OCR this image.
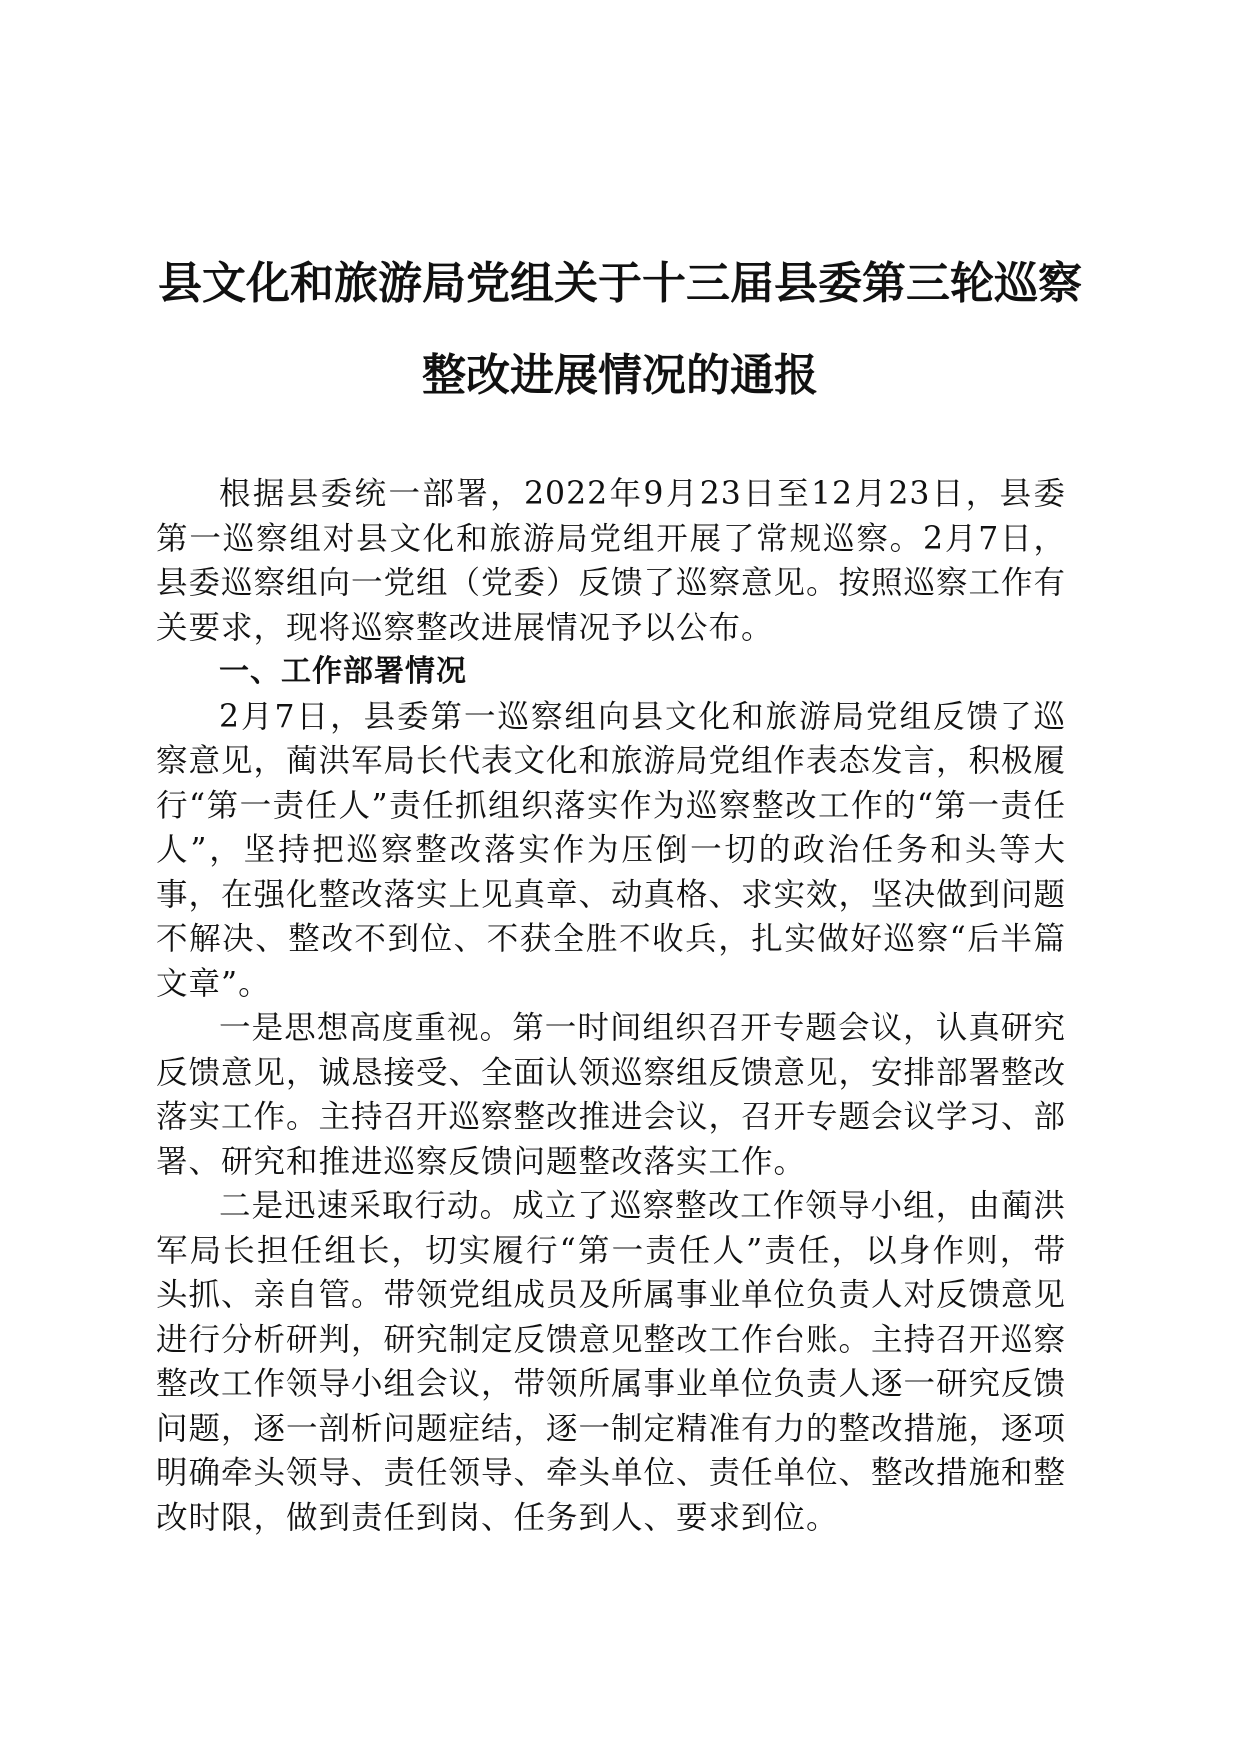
县文化和旅游局党组关于十三届县委第三轮巡察整改进展情况的通报

根据县委统一部署，2022年9月23日至12月23日，县委第一巡察组对县文化和旅游局党组开展了常规巡察。2月7日，县委巡察组向一党组（党委）反馈了巡察意见。按照巡察工作有关要求，现将巡察整改进展情况予以公布。

一、工作部署情况

2月7日，县委第一巡察组向县文化和旅游局党组反馈了巡察意见，蔺洪军局长代表文化和旅游局党组作表态发言，积极履行“第一责任人”责任抓组织落实作为巡察整改工作的“第一责任人”，坚持把巡察整改落实作为压倒一切的政治任务和头等大事，在强化整改落实上见真章、动真格、求实效，坚决做到问题不解决、整改不到位、不获全胜不收兵，扎实做好巡察“后半篇文章”。

一是思想高度重视。第一时间组织召开专题会议，认真研究反馈意见，诚恳接受、全面认领巡察组反馈意见，安排部署整改落实工作。主持召开巡察整改推进会议，召开专题会议学习、部署、研究和推进巡察反馈问题整改落实工作。

二是迅速采取行动。成立了巡察整改工作领导小组，由蔺洪军局长担任组长，切实履行“第一责任人”责任，以身作则，带头抓、亲自管。带领党组成员及所属事业单位负责人对反馈意见进行分析研判，研究制定反馈意见整改工作台账。主持召开巡察整改工作领导小组会议，带领所属事业单位负责人逐一研究反馈问题，逐一剖析问题症结，逐一制定精准有力的整改措施，逐项明确牵头领导、责任领导、牵头单位、责任单位、整改措施和整改时限，做到责任到岗、任务到人、要求到位。
